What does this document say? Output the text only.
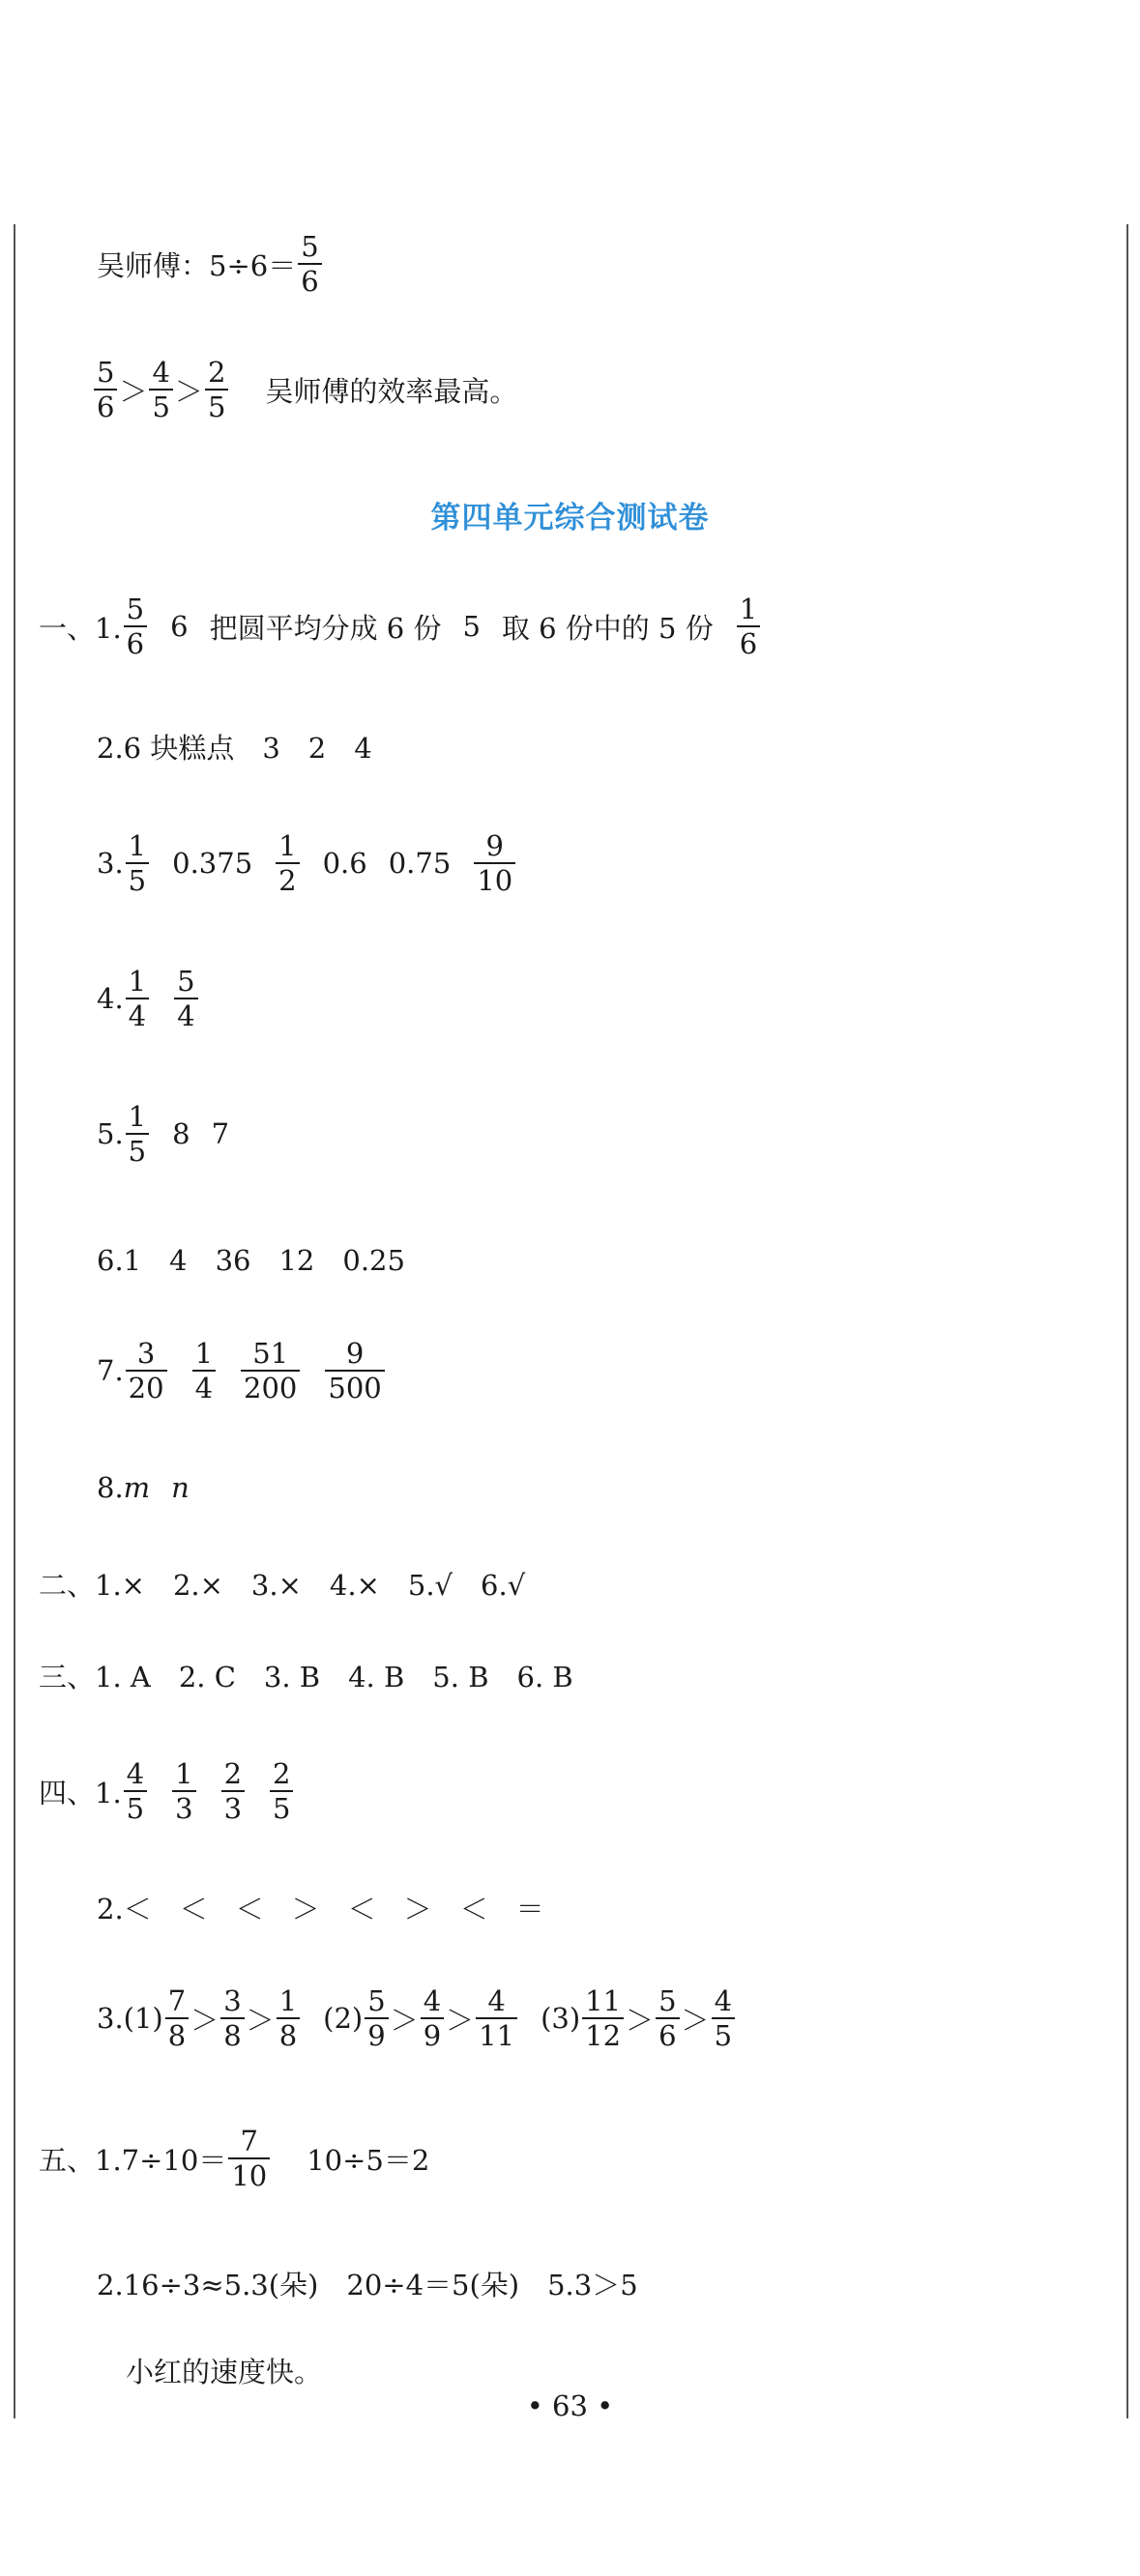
吴师傅：$5\div 6= \frac{5}{6}$
$\frac{5}{6} > \frac{4}{5} > \frac{2}{5}$ 吴师傅的效率最高。
第四单元综合测试卷
一、1. $\frac{5}{6} 6$ 把圆平均分成 6 份 5 取 6 份中的 5 份 $\frac{1}{6}$
2.6 块糕点　3　2　4
3. $\frac{1}{5} 0.375 \frac{1}{2} 0.6$ $0.75 \frac{9}{10}$
4. $\frac{1}{4} \frac{5}{4}$
5. $\frac{1}{5} 8$ 7
6.1　4　36　12　0.25
7. $\frac{3}{20} \frac{1}{4} \frac{51}{200} \frac{9}{500}$
8. m n
二、1.×　2.×　3.×　4.×　5.√　6.√
三、1. A　2. C　3. B　4. B　5. B　6. B
四、1. $\frac{4}{5} \frac{1}{3} \frac{2}{3} \frac{2}{5}$
2.＜　＜　＜　＞　＜　＞　＜　＝
$3.(1) \frac{7}{8} > \frac{3}{8} > \frac{1}{8} (2) \frac{5}{9} > \frac{4}{9} > \frac{4}{11} (3) \frac{11}{12} > \frac{5}{6} > \frac{4}{5}$
五、1. $7\div 10= \frac{7}{10} 10\div 5=2$
2.16÷3≈5.3(朵)　20÷4＝5(朵)　5.3＞5
小红的速度快。
• 63 •
